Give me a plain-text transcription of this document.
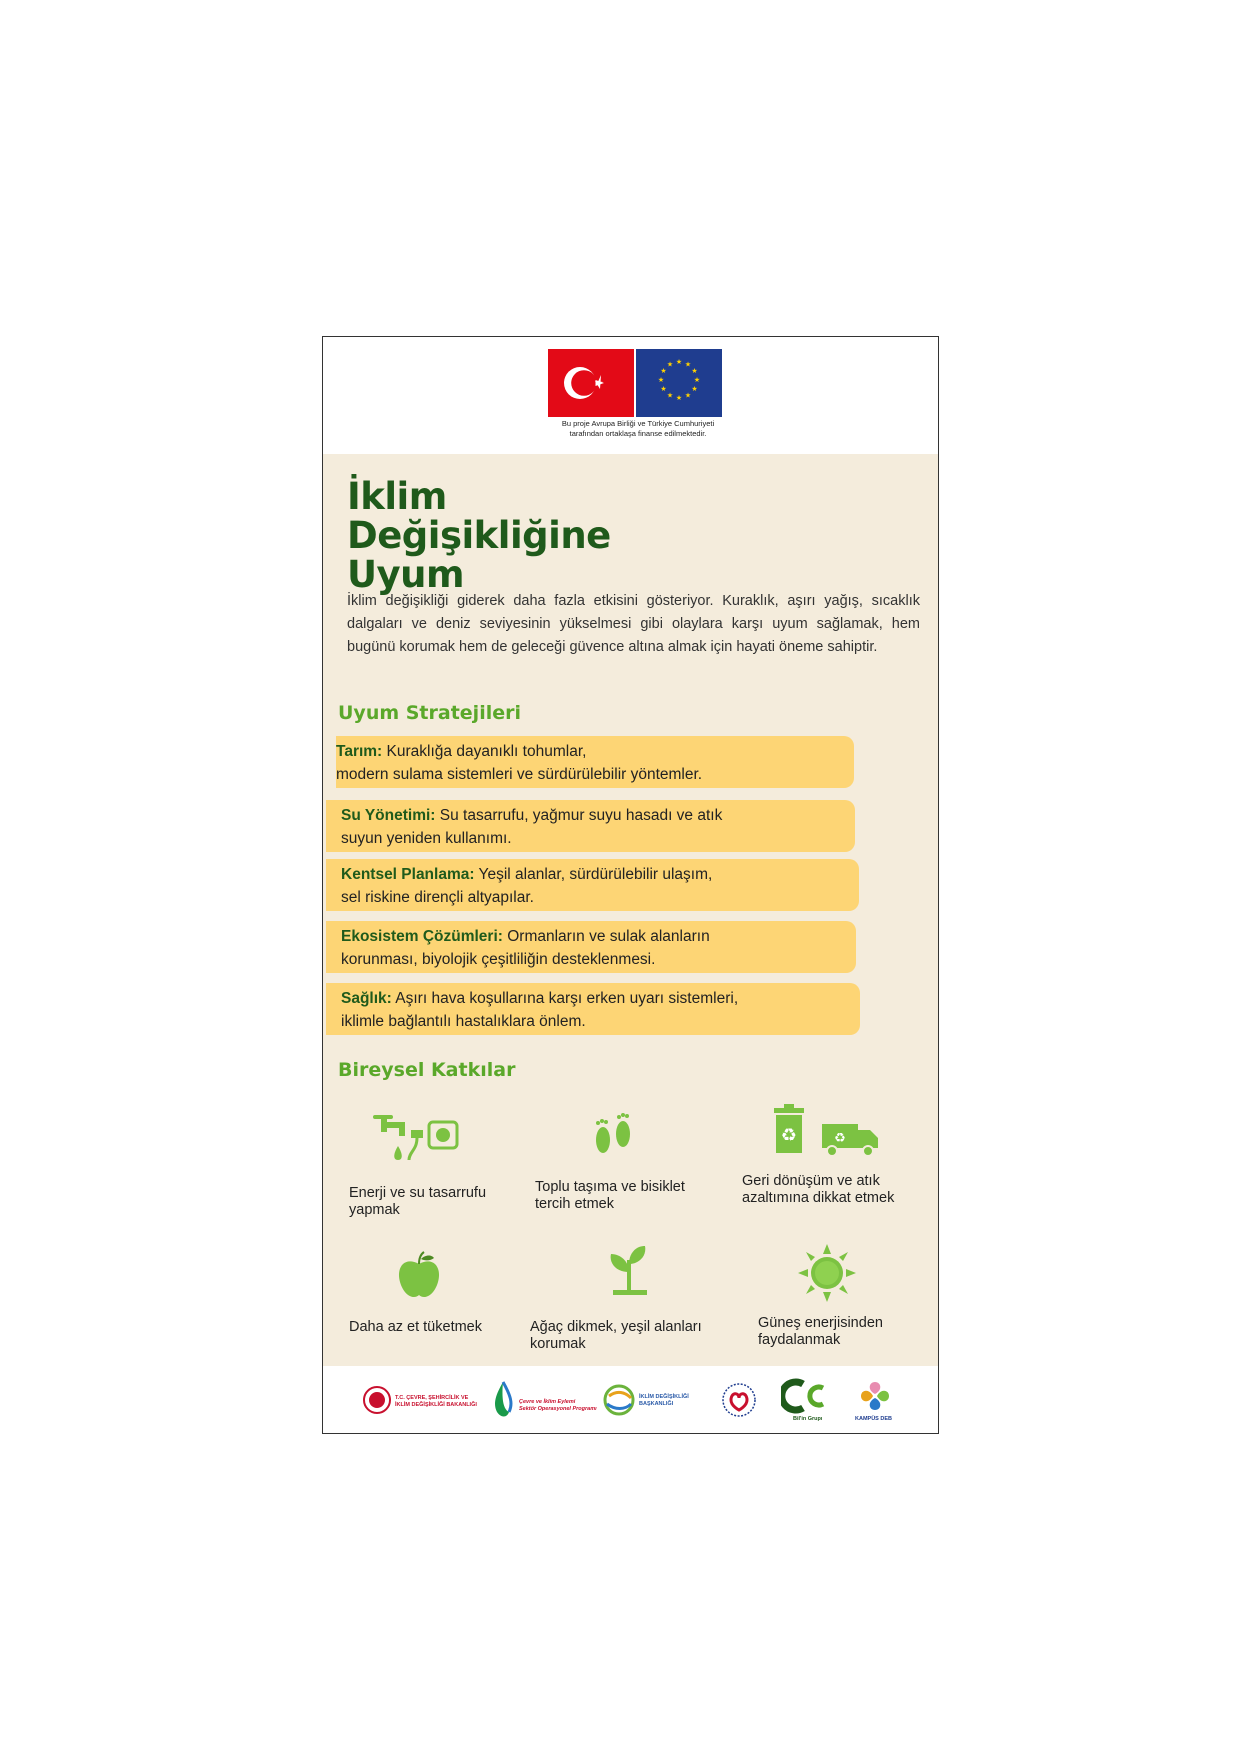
★ ★
★
★
★
★
★
★
★
★
★
★
Bu proje Avrupa Birliği ve Türkiye Cumhuriyeti
tarafından ortaklaşa finanse edilmektedir.
İklim
Değişikliğine
Uyum

İklim değişikliği giderek daha fazla etkisini gösteriyor. Kuraklık, aşırı yağış, sıcaklık dalgaları ve deniz seviyesinin yükselmesi gibi olaylara karşı uyum sağlamak, hem bugünü korumak hem de geleceği güvence altına almak için hayati öneme sahiptir.

Uyum Stratejileri
Tarım: Kuraklığa dayanıklı tohumlar,
modern sulama sistemleri ve sürdürülebilir yöntemler.
Su Yönetimi: Su tasarrufu, yağmur suyu hasadı ve atık
suyun yeniden kullanımı.
Kentsel Planlama: Yeşil alanlar, sürdürülebilir ulaşım,
sel riskine dirençli altyapılar.
Ekosistem Çözümleri: Ormanların ve sulak alanların
korunması, biyolojik çeşitliliğin desteklenmesi.
Sağlık: Aşırı hava koşullarına karşı erken uyarı sistemleri,
iklimle bağlantılı hastalıklara önlem.
Bireysel Katkılar
Enerji ve su tasarrufu
yapmak
Toplu taşıma ve bisiklet
tercih etmek
♻	♻
Geri dönüşüm ve atık
azaltımına dikkat etmek
Daha az et tüketmek	Ağaç dikmek, yeşil alanları
korumak
Güneş enerjisinden
faydalanmak
T.C. ÇEVRE, ŞEHİRCİLİK VE
İKLİM DEĞİŞİKLİĞİ BAKANLIĞI	Çevre ve İklim Eylemi
Sektör Operasyonel Programı
İKLİM DEĞİŞİKLİĞİ
BAŞKANLIĞI
Bil'in Grupı	KAMPÜS DEB
